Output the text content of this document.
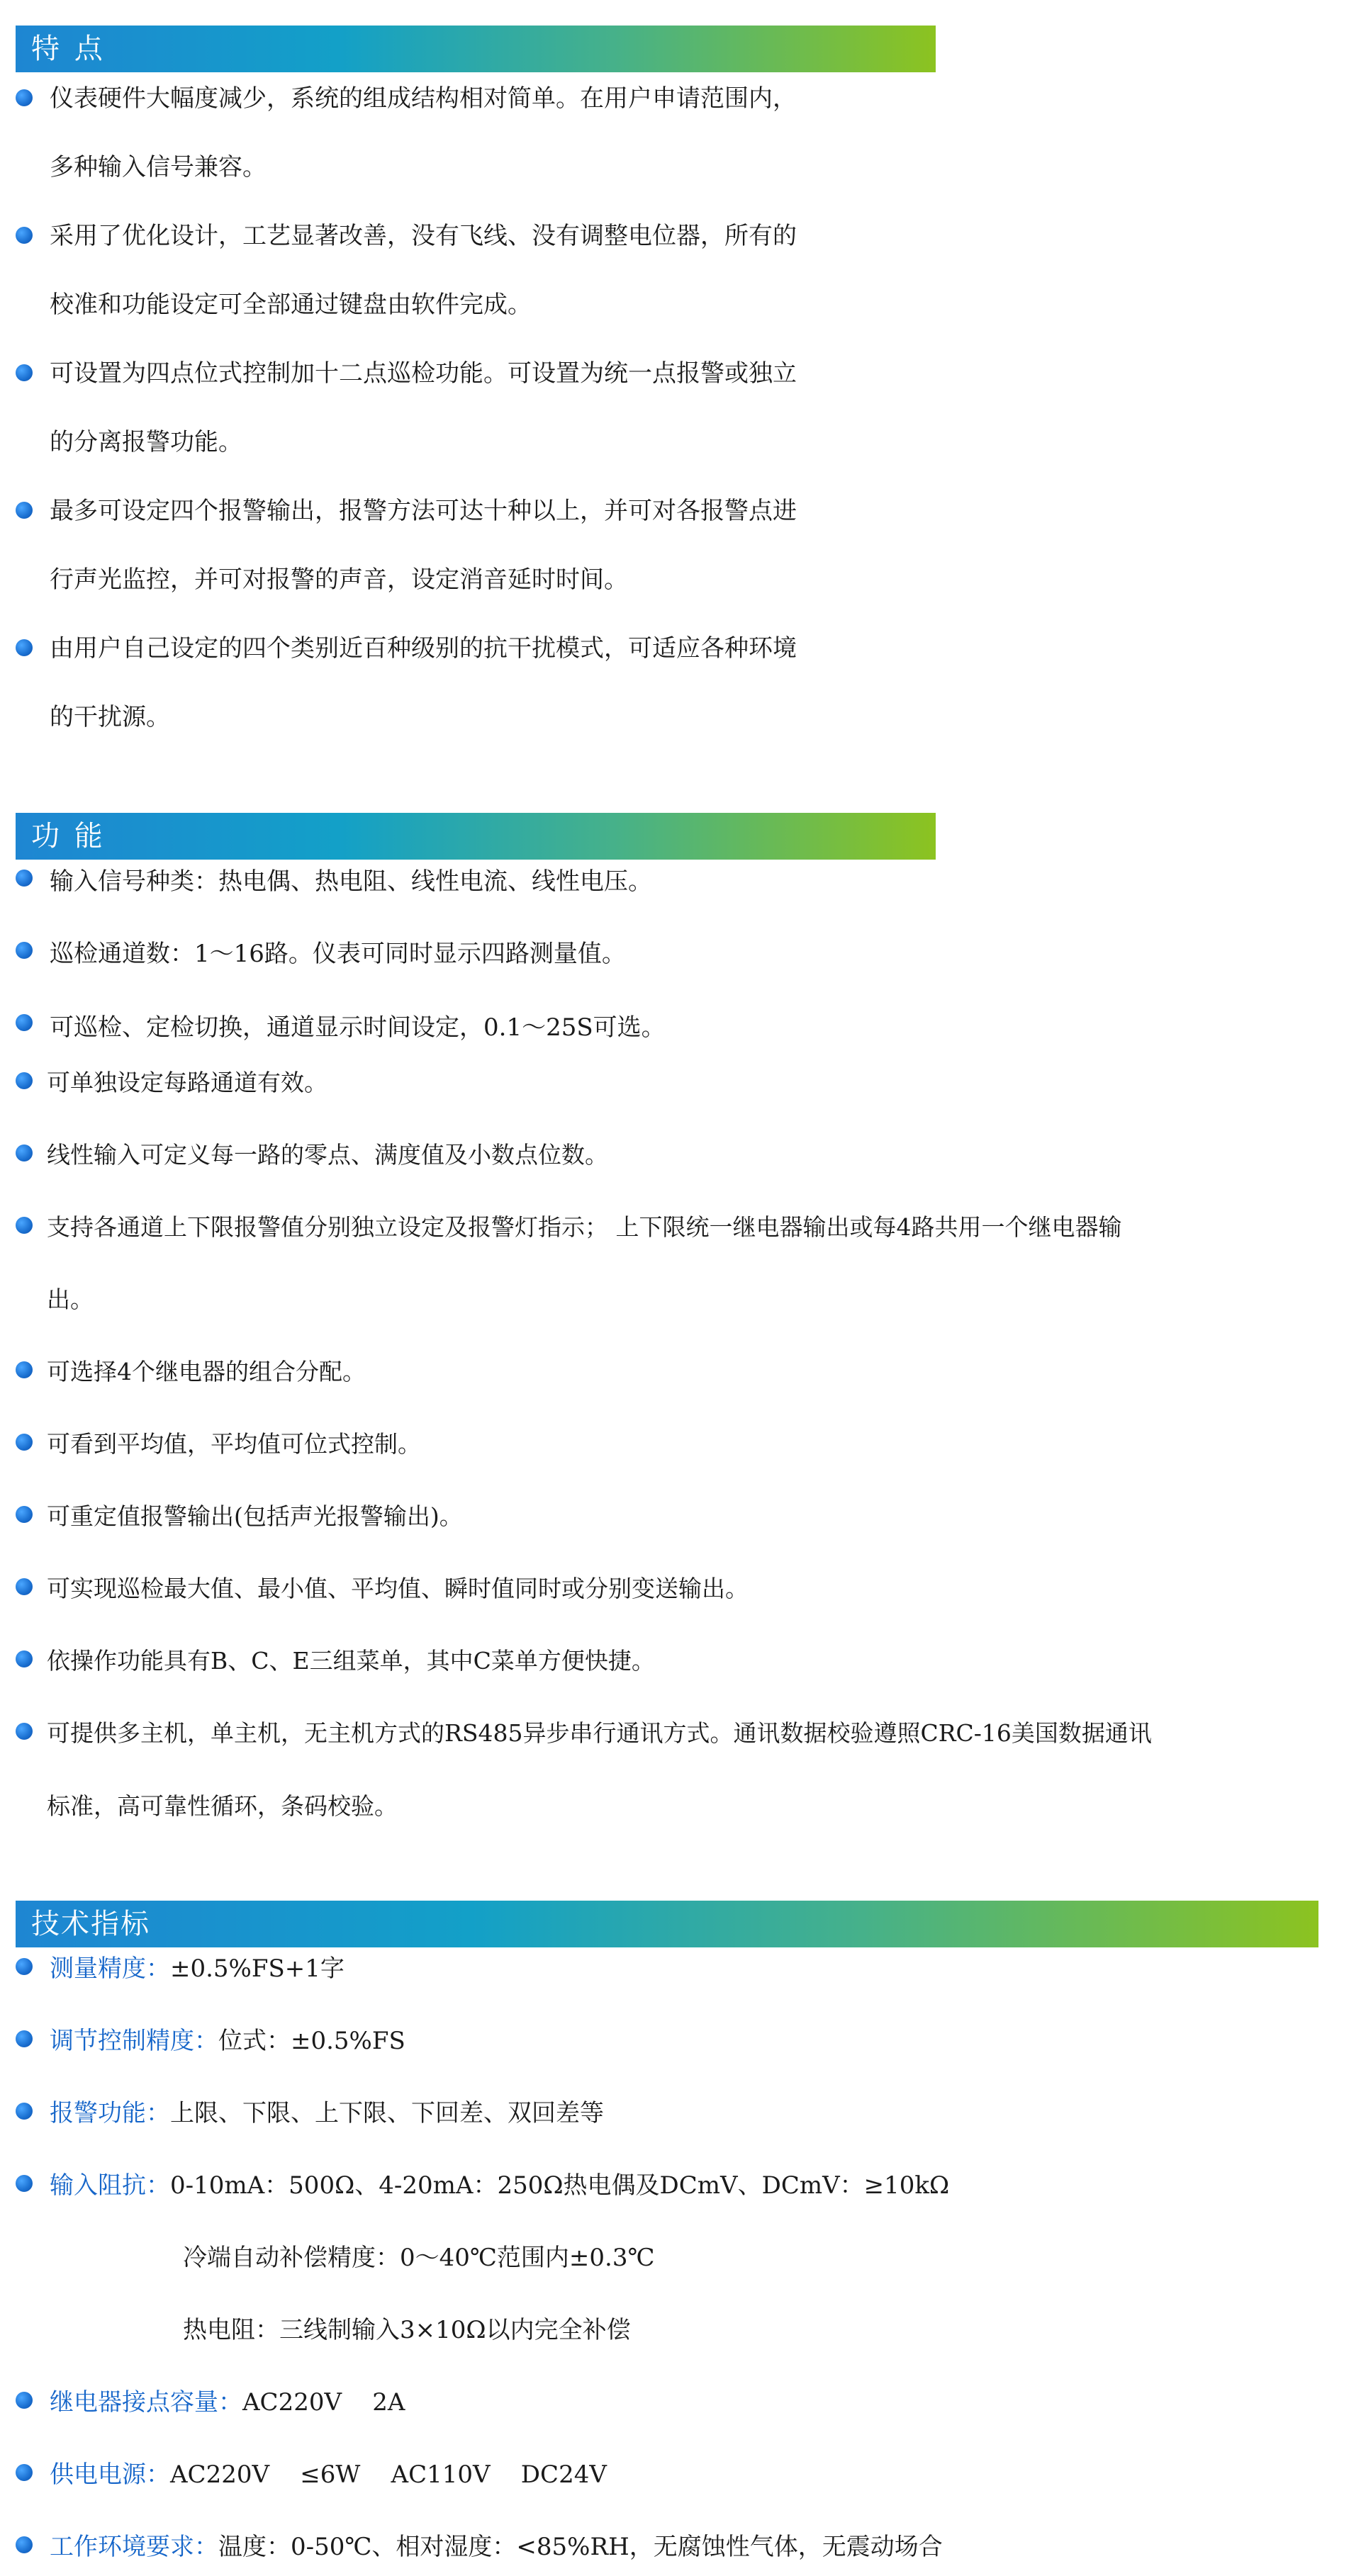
特 点
仪表硬件大幅度减少，系统的组成结构相对简单。在用户申请范围内，
多种输入信号兼容。
采用了优化设计，工艺显著改善，没有飞线、没有调整电位器，所有的
校准和功能设定可全部通过键盘由软件完成。
可设置为四点位式控制加十二点巡检功能。可设置为统一点报警或独立
的分离报警功能。
最多可设定四个报警输出，报警方法可达十种以上，并可对各报警点进
行声光监控，并可对报警的声音，设定消音延时时间。
由用户自己设定的四个类别近百种级别的抗干扰模式，可适应各种环境
的干扰源。
功 能
输入信号种类：热电偶、热电阻、线性电流、线性电压。
巡检通道数：1～16路。仪表可同时显示四路测量值。
可巡检、定检切换，通道显示时间设定，0.1～25S可选。
可单独设定每路通道有效。
线性输入可定义每一路的零点、满度值及小数点位数。
支持各通道上下限报警值分别独立设定及报警灯指示； 上下限统一继电器输出或每4路共用一个继电器输
出。
可选择4个继电器的组合分配。
可看到平均值，平均值可位式控制。
可重定值报警输出(包括声光报警输出)。
可实现巡检最大值、最小值、平均值、瞬时值同时或分别变送输出。
依操作功能具有B、C、E三组菜单，其中C菜单方便快捷。
可提供多主机，单主机，无主机方式的RS485异步串行通讯方式。通讯数据校验遵照CRC-16美国数据通讯
标准，高可靠性循环，条码校验。
技术指标
测量精度：±0.5%FS+1字
调节控制精度：位式：±0.5%FS
报警功能：上限、下限、上下限、下回差、双回差等
输入阻抗：0-10mA：500Ω、4-20mA：250Ω热电偶及DCmV、DCmV：≥10kΩ
冷端自动补偿精度：0～40℃范围内±0.3℃
热电阻：三线制输入3×10Ω以内完全补偿
继电器接点容量：AC220V    2A
供电电源：AC220V    ≤6W    AC110V    DC24V
工作环境要求：温度：0-50℃、相对湿度：<85%RH，无腐蚀性气体，无震动场合
